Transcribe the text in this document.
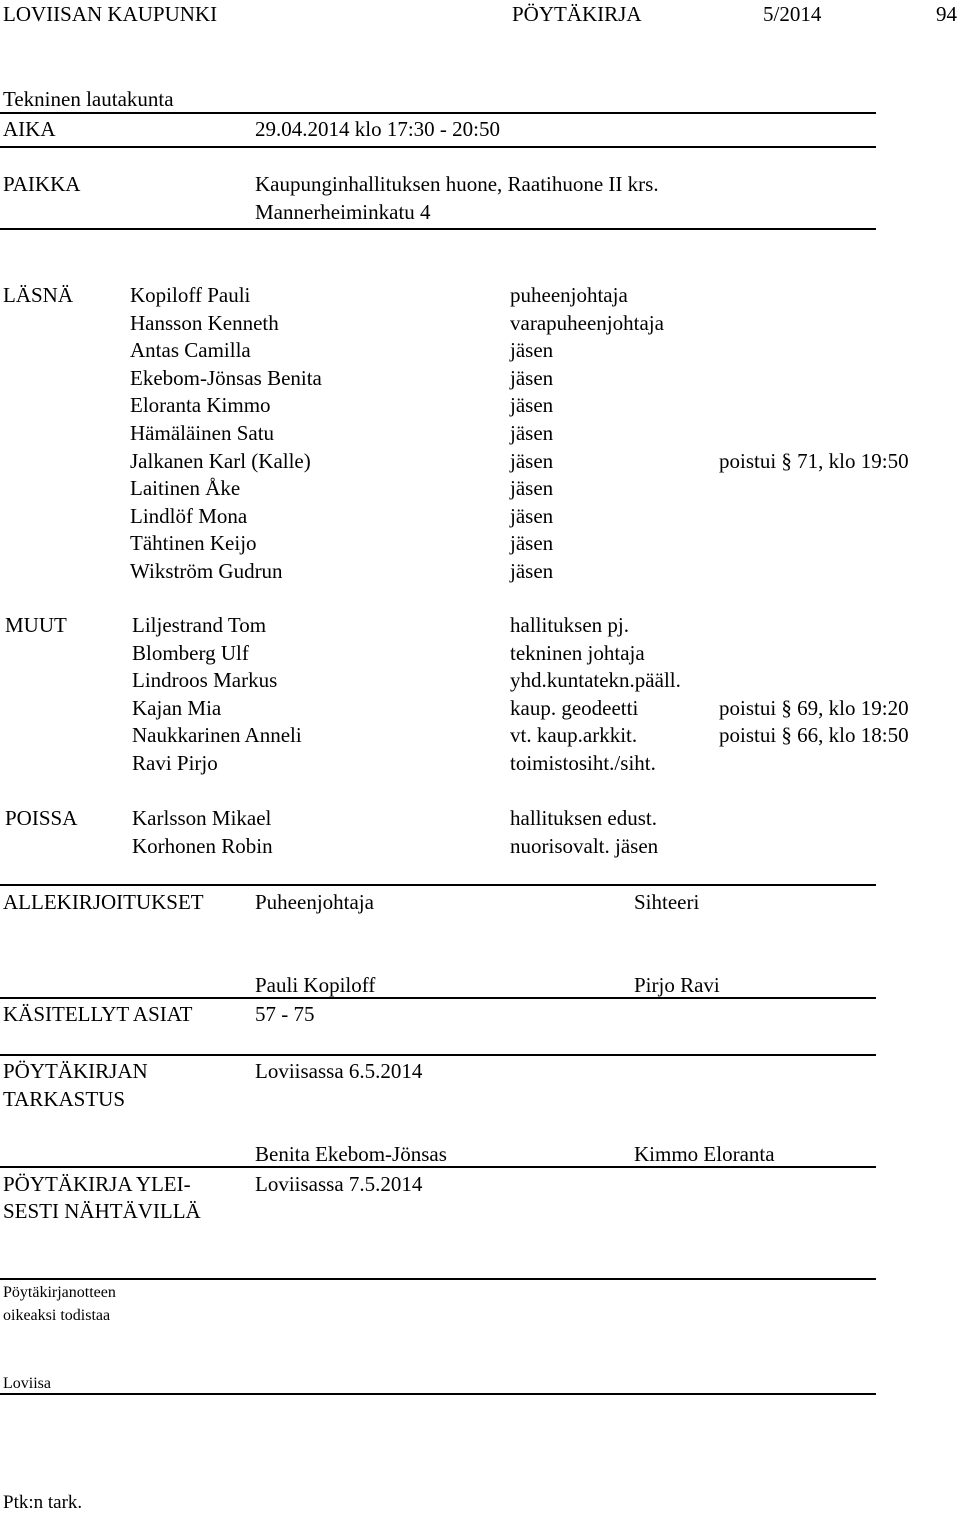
LOVIISAN KAUPUNKI	PÖYTÄKIRJA	5/2014	94
Tekninen lautakunta
AIKA	29.04.2014 klo 17:30 - 20:50
PAIKKA	Kaupunginhallituksen huone, Raatihuone II krs.
Mannerheiminkatu 4
LÄSNÄ	Kopiloff Pauli	puheenjohtaja
Hansson Kenneth	varapuheenjohtaja
Antas Camilla	jäsen
Ekebom-Jönsas Benita	jäsen
Eloranta Kimmo	jäsen
Hämäläinen Satu	jäsen
Jalkanen Karl (Kalle)	jäsen	poistui § 71, klo 19:50
Laitinen Åke	jäsen
Lindlöf Mona	jäsen
Tähtinen Keijo	jäsen
Wikström Gudrun	jäsen
MUUT	Liljestrand Tom	hallituksen pj.
Blomberg Ulf	tekninen johtaja
Lindroos Markus	yhd.kuntatekn.pääll.
Kajan Mia	kaup. geodeetti	poistui § 69, klo 19:20
Naukkarinen Anneli	vt. kaup.arkkit.	poistui § 66, klo 18:50
Ravi Pirjo	toimistosiht./siht.
POISSA	Karlsson Mikael	hallituksen edust.
Korhonen Robin	nuorisovalt. jäsen
ALLEKIRJOITUKSET Puheenjohtaja	Sihteeri
Pauli Kopiloff	Pirjo Ravi
KÄSITELLYT ASIAT	57 - 75
PÖYTÄKIRJAN
TARKASTUS
Loviisassa 6.5.2014
Benita Ekebom-Jönsas	Kimmo Eloranta
PÖYTÄKIRJA YLEI-
SESTI NÄHTÄVILLÄ
Loviisassa 7.5.2014
Pöytäkirjanotteen
oikeaksi todistaa
Loviisa
Ptk:n tark.
